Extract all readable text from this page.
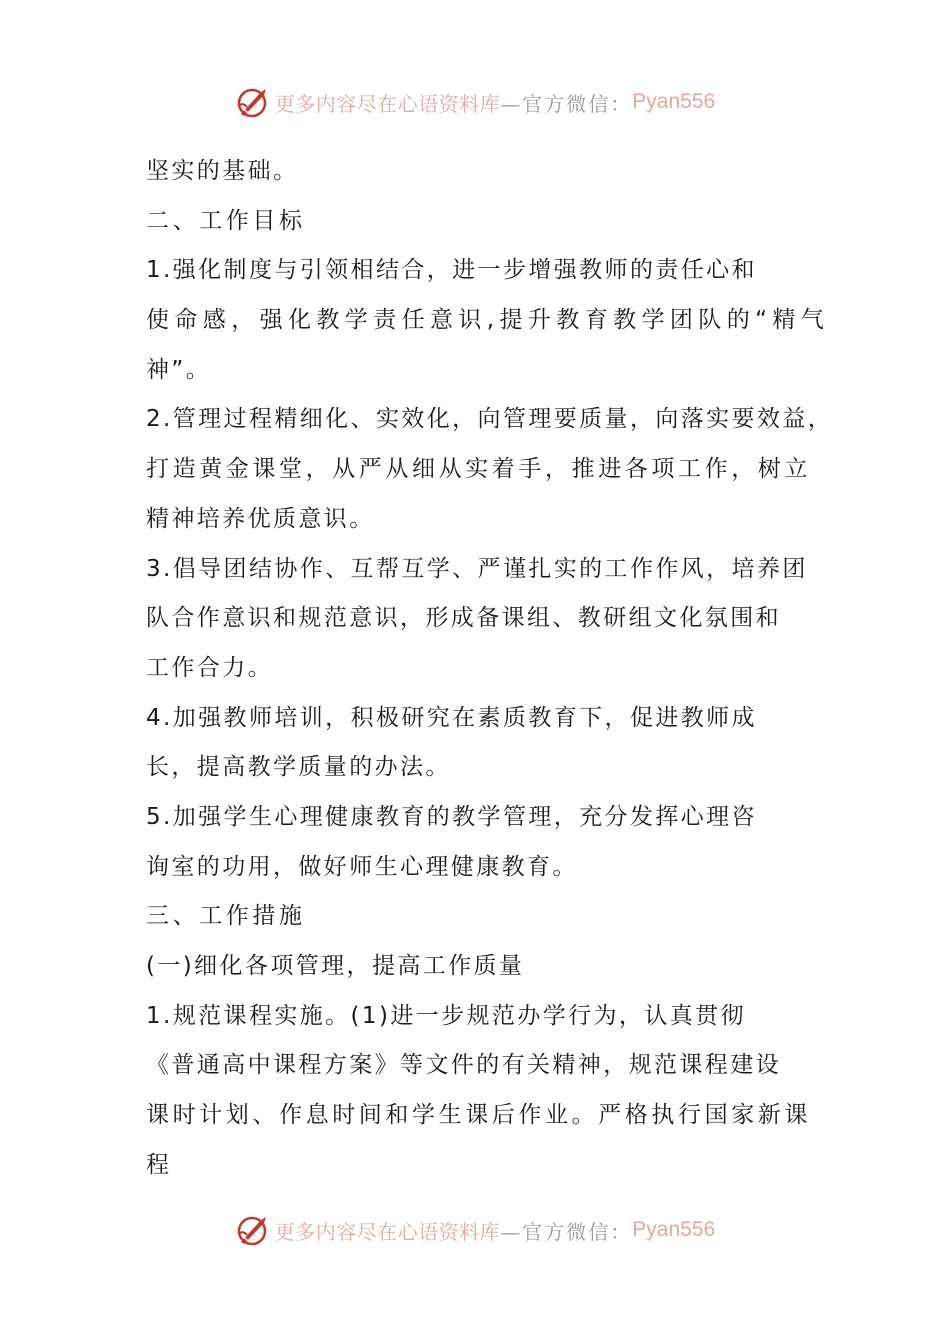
更多内容尽在心语资料库 —官方微信： Pyan556
坚实的基础。
二、工作目标
1.强化制度与引领相结合，进一步增强教师的责任心和
使命感，强化教学责任意识,提升教育教学团队的“精气
神”。
2.管理过程精细化、实效化，向管理要质量，向落实要效益，
打造黄金课堂，从严从细从实着手，推进各项工作，树立
精神培养优质意识。
3.倡导团结协作、互帮互学、严谨扎实的工作作风，培养团
队合作意识和规范意识，形成备课组、教研组文化氛围和
工作合力。
4.加强教师培训，积极研究在素质教育下，促进教师成
长，提高教学质量的办法。
5.加强学生心理健康教育的教学管理，充分发挥心理咨
询室的功用，做好师生心理健康教育。
三、工作措施
(一)细化各项管理，提高工作质量
1.规范课程实施。(1)进一步规范办学行为，认真贯彻
《普通高中课程方案》等文件的有关精神，规范课程建设
课时计划、作息时间和学生课后作业。严格执行国家新课
程
更多内容尽在心语资料库 —官方微信： Pyan556
